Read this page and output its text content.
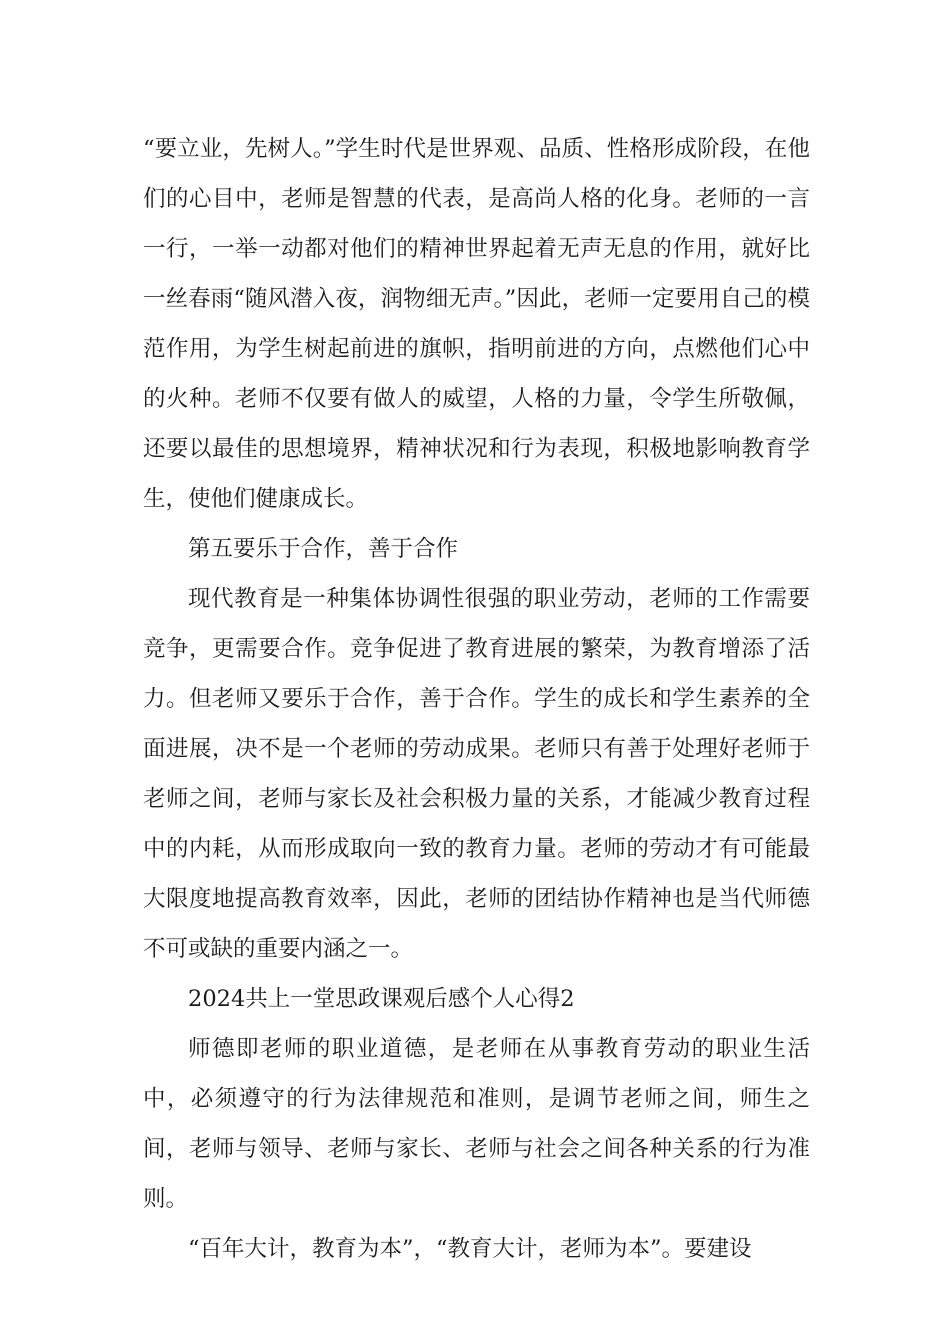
“要立业，先树人。”学生时代是世界观、品质、性格形成阶段，在他们的心目中，老师是智慧的代表，是高尚人格的化身。老师的一言一行，一举一动都对他们的精神世界起着无声无息的作用，就好比一丝春雨“随风潜入夜，润物细无声。”因此，老师一定要用自己的模范作用，为学生树起前进的旗帜，指明前进的方向，点燃他们心中的火种。老师不仅要有做人的威望，人格的力量，令学生所敬佩，还要以最佳的思想境界，精神状况和行为表现，积极地影响教育学生，使他们健康成长。

第五要乐于合作，善于合作

现代教育是一种集体协调性很强的职业劳动，老师的工作需要竞争，更需要合作。竞争促进了教育进展的繁荣，为教育增添了活力。但老师又要乐于合作，善于合作。学生的成长和学生素养的全面进展，决不是一个老师的劳动成果。老师只有善于处理好老师于老师之间，老师与家长及社会积极力量的关系，才能减少教育过程中的内耗，从而形成取向一致的教育力量。老师的劳动才有可能最大限度地提高教育效率，因此，老师的团结协作精神也是当代师德不可或缺的重要内涵之一。

2024共上一堂思政课观后感个人心得2

师德即老师的职业道德，是老师在从事教育劳动的职业生活中，必须遵守的行为法律规范和准则，是调节老师之间，师生之间，老师与领导、老师与家长、老师与社会之间各种关系的行为准则。

“百年大计，教育为本”，“教育大计，老师为本”。要建设
